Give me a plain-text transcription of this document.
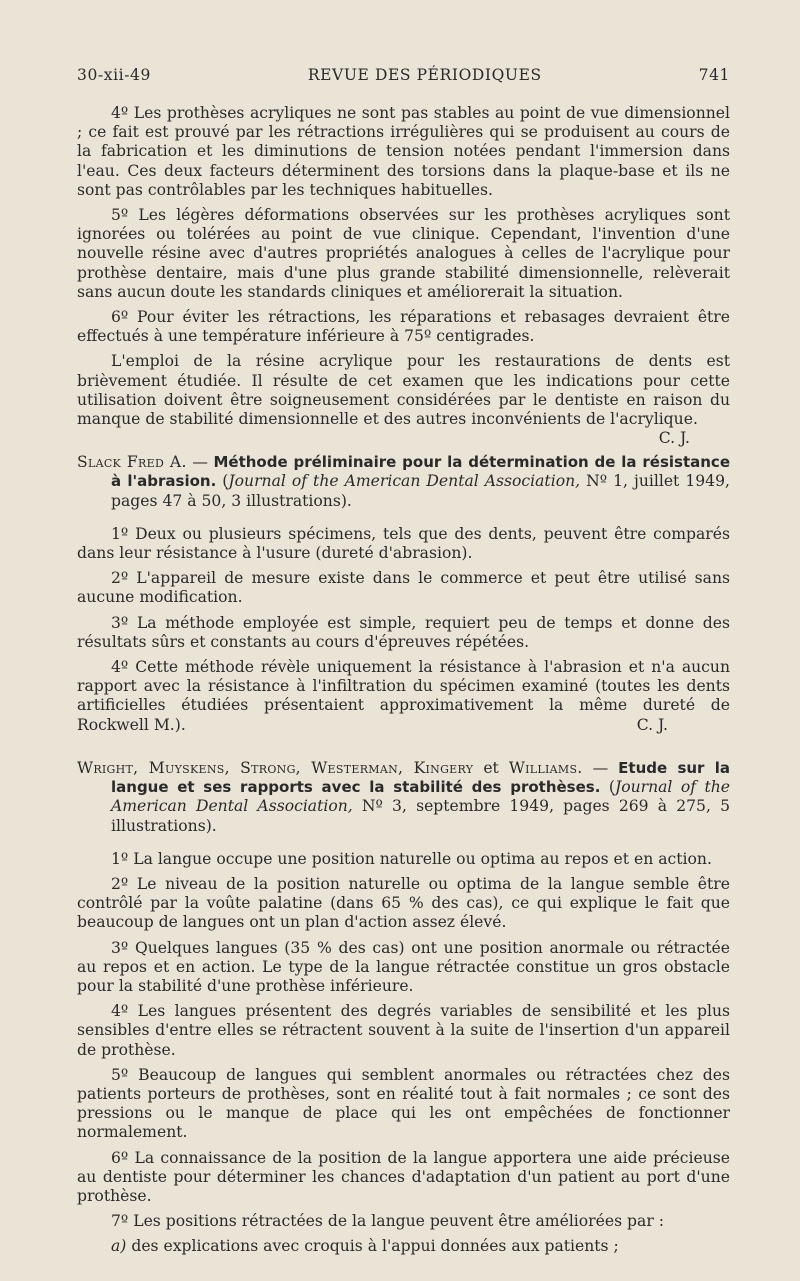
30-xii-49	REVUE DES PÉRIODIQUES	741

4º Les prothèses acryliques ne sont pas stables au point de vue dimensionnel ; ce fait est prouvé par les rétractions irrégulières qui se produisent au cours de la fabrication et les diminutions de tension notées pendant l'immersion dans l'eau. Ces deux facteurs déterminent des torsions dans la plaque-base et ils ne sont pas contrôlables par les techniques habituelles.

5º Les légères déformations observées sur les prothèses acryliques sont ignorées ou tolérées au point de vue clinique. Cependant, l'invention d'une nouvelle résine avec d'autres propriétés analogues à celles de l'acrylique pour prothèse dentaire, mais d'une plus grande stabilité dimensionnelle, relèverait sans aucun doute les standards cliniques et améliorerait la situation.

6º Pour éviter les rétractions, les réparations et rebasages devraient être effectués à une température inférieure à 75º centigrades.

L'emploi de la résine acrylique pour les restaurations de dents est brièvement étudiée. Il résulte de cet examen que les indications pour cette utilisation doivent être soigneusement considérées par le dentiste en raison du manque de stabilité dimensionnelle et des autres inconvénients de l'acrylique.
C. J.

Slack Fred A. — Méthode préliminaire pour la détermination de la résistance à l'abrasion. (Journal of the American Dental Association, Nº 1, juillet 1949, pages 47 à 50, 3 illustrations).

1º Deux ou plusieurs spécimens, tels que des dents, peuvent être comparés dans leur résistance à l'usure (dureté d'abrasion).

2º L'appareil de mesure existe dans le commerce et peut être utilisé sans aucune modification.

3º La méthode employée est simple, requiert peu de temps et donne des résultats sûrs et constants au cours d'épreuves répétées.

4º Cette méthode révèle uniquement la résistance à l'abrasion et n'a aucun rapport avec la résistance à l'infiltration du spécimen examiné (toutes les dents artificielles étudiées présentaient approximativement la même dureté de Rockwell M.).	C. J.

Wright, Muyskens, Strong, Westerman, Kingery et Williams. — Etude sur la langue et ses rapports avec la stabilité des prothèses. (Journal of the American Dental Association, Nº 3, septembre 1949, pages 269 à 275, 5 illustrations).

1º La langue occupe une position naturelle ou optima au repos et en action.

2º Le niveau de la position naturelle ou optima de la langue semble être contrôlé par la voûte palatine (dans 65 % des cas), ce qui explique le fait que beaucoup de langues ont un plan d'action assez élevé.

3º Quelques langues (35 % des cas) ont une position anormale ou rétractée au repos et en action. Le type de la langue rétractée constitue un gros obstacle pour la stabilité d'une prothèse inférieure.

4º Les langues présentent des degrés variables de sensibilité et les plus sensibles d'entre elles se rétractent souvent à la suite de l'insertion d'un appareil de prothèse.

5º Beaucoup de langues qui semblent anormales ou rétractées chez des patients porteurs de prothèses, sont en réalité tout à fait normales ; ce sont des pressions ou le manque de place qui les ont empêchées de fonctionner normalement.

6º La connaissance de la position de la langue apportera une aide précieuse au dentiste pour déterminer les chances d'adaptation d'un patient au port d'une prothèse.

7º Les positions rétractées de la langue peuvent être améliorées par :

a) des explications avec croquis à l'appui données aux patients ;
